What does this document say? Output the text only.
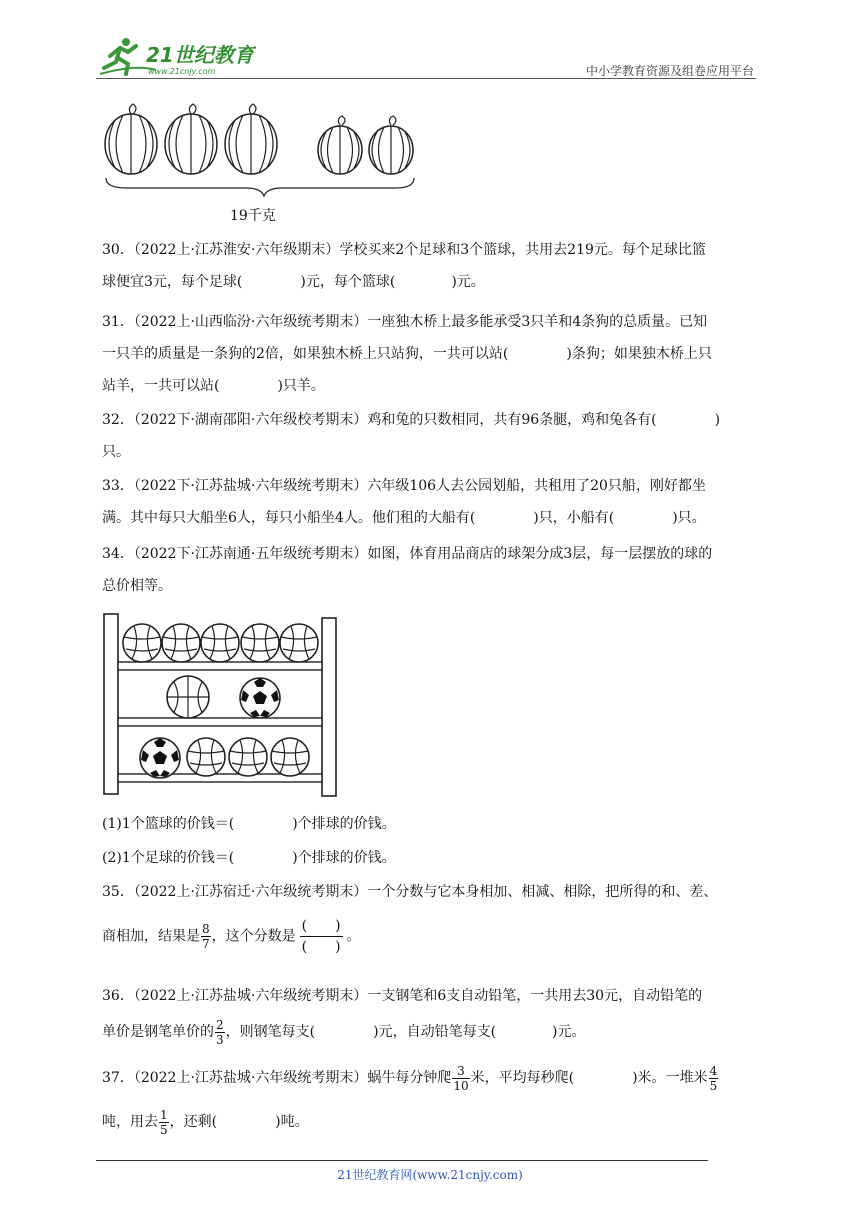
21世纪教育
www.21cnjy.com	中小学教育资源及组卷应用平台
19千克
30．（2022上·江苏淮安·六年级期末）学校买来2个足球和3个篮球，共用去219元。每个足球比篮
球便宜3元，每个足球(	)元，每个篮球(	)元。
31．（2022上·山西临汾·六年级统考期末）一座独木桥上最多能承受3只羊和4条狗的总质量。已知
一只羊的质量是一条狗的2倍，如果独木桥上只站狗，一共可以站(	)条狗；如果独木桥上只
站羊，一共可以站(	)只羊。
32．（2022下·湖南邵阳·六年级校考期末）鸡和兔的只数相同，共有96条腿，鸡和兔各有(	)
只。
33．（2022下·江苏盐城·六年级统考期末）六年级106人去公园划船，共租用了20只船，刚好都坐
满。其中每只大船坐6人，每只小船坐4人。他们租的大船有(	)只，小船有(	)只。
34．（2022下·江苏南通·五年级统考期末）如图，体育用品商店的球架分成3层，每一层摆放的球的
总价相等。
(1)1个篮球的价钱＝(	)个排球的价钱。
(2)1个足球的价钱＝(	)个排球的价钱。
35．（2022上·江苏宿迁·六年级统考期末）一个分数与它本身相加、相减、相除，把所得的和、差、
商相加，结果是 $\frac{8}{7}$ ，这个分数是 $\frac{( )}{( )}$ 。
36．（2022上·江苏盐城·六年级统考期末）一支钢笔和6支自动铅笔，一共用去30元，自动铅笔的
单价是钢笔单价的 $\frac{2}{3}$ ，则钢笔每支(	)元，自动铅笔每支(	)元。
37．（2022上·江苏盐城·六年级统考期末）蜗牛每分钟爬 $\frac{3}{10}$ 米，平均每秒爬(	)米。一堆米 $\frac{4}{5}$
吨，用去 $\frac{1}{5}$ ，还剩(	)吨。
21世纪教育网(www.21cnjy.com)
